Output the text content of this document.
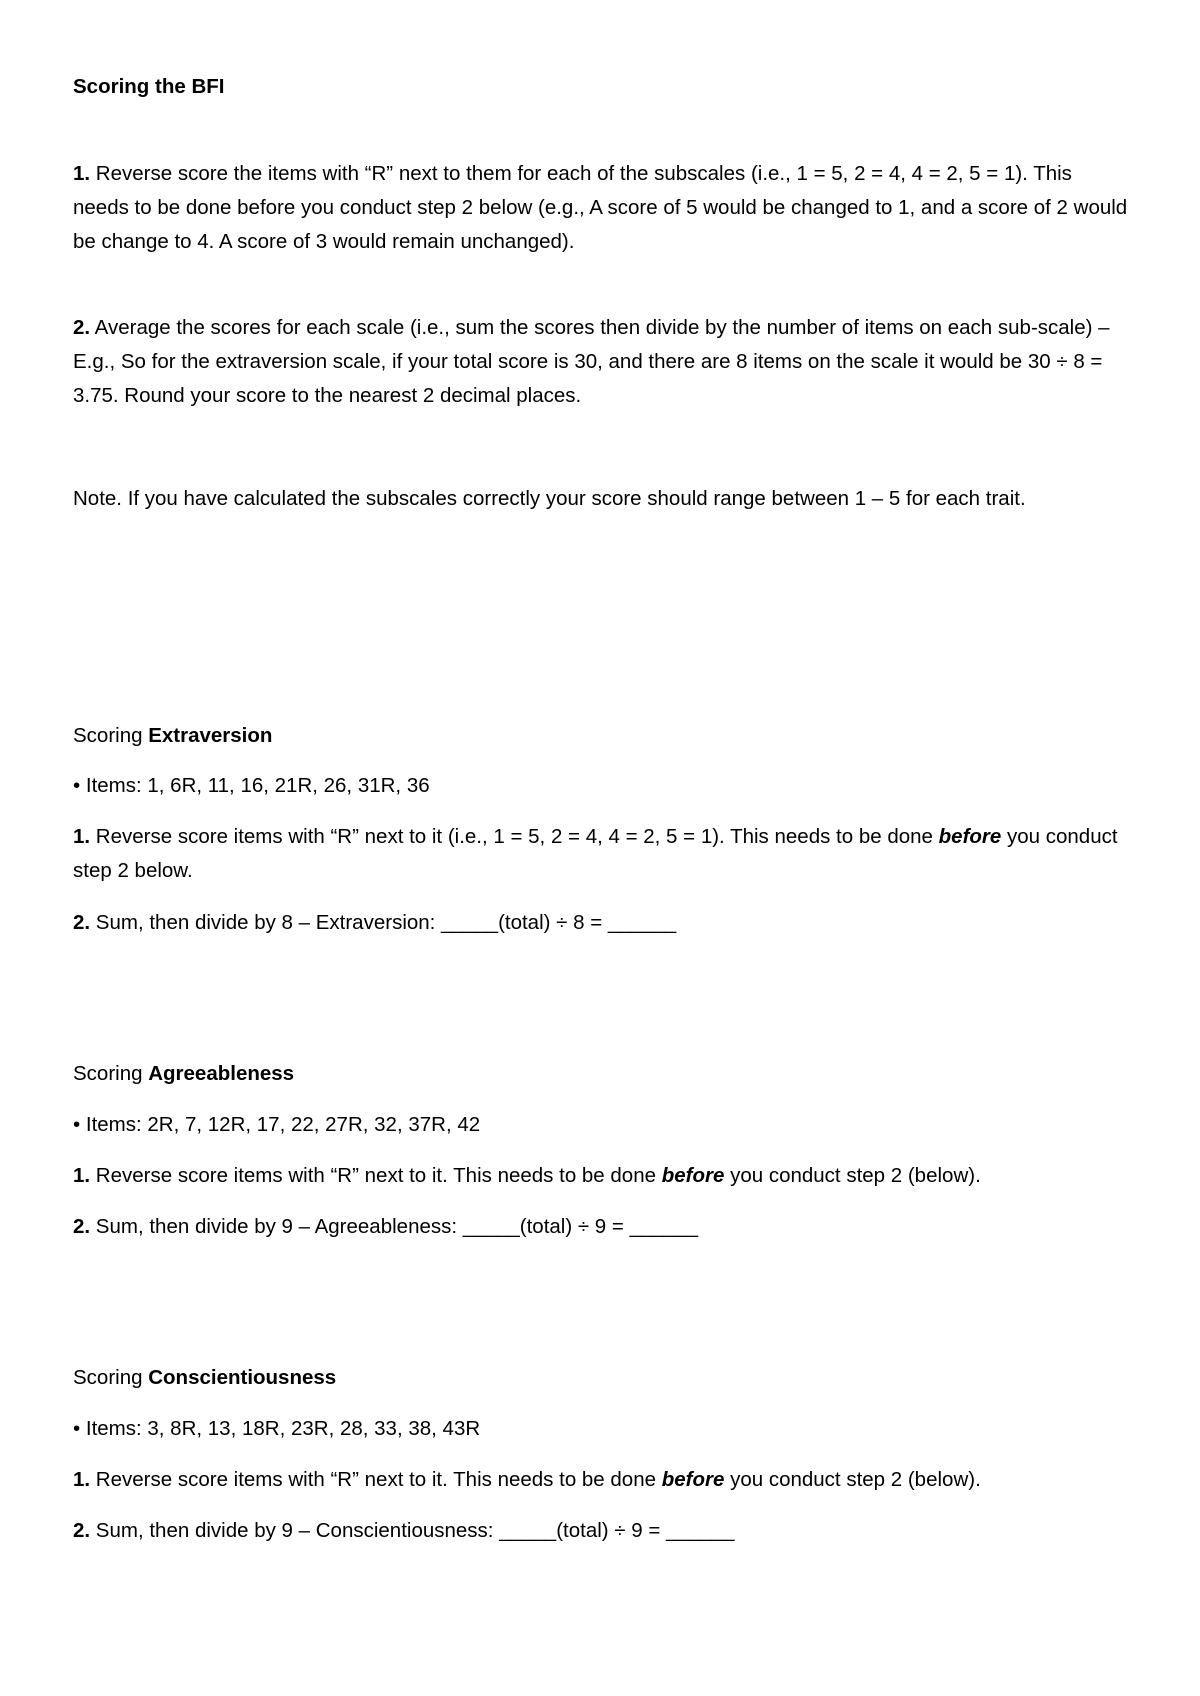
Scoring the BFI

1. Reverse score the items with “R” next to them for each of the subscales (i.e., 1 = 5, 2 = 4, 4 = 2, 5 = 1). This needs to be done before you conduct step 2 below (e.g., A score of 5 would be changed to 1, and a score of 2 would be change to 4. A score of 3 would remain unchanged).

2. Average the scores for each scale (i.e., sum the scores then divide by the number of items on each sub-scale) – E.g., So for the extraversion scale, if your total score is 30, and there are 8 items on the scale it would be 30 ÷ 8 = 3.75. Round your score to the nearest 2 decimal places.

Note. If you have calculated the subscales correctly your score should range between 1 – 5 for each trait.

Scoring Extraversion

• Items: 1, 6R, 11, 16, 21R, 26, 31R, 36

1. Reverse score items with “R” next to it (i.e., 1 = 5, 2 = 4, 4 = 2, 5 = 1). This needs to be done before you conduct step 2 below.

2. Sum, then divide by 8 – Extraversion: _____(total) ÷ 8 = ______

Scoring Agreeableness

• Items: 2R, 7, 12R, 17, 22, 27R, 32, 37R, 42

1. Reverse score items with “R” next to it. This needs to be done before you conduct step 2 (below).

2. Sum, then divide by 9 – Agreeableness: _____(total) ÷ 9 = ______

Scoring Conscientiousness

• Items: 3, 8R, 13, 18R, 23R, 28, 33, 38, 43R

1. Reverse score items with “R” next to it. This needs to be done before you conduct step 2 (below).

2. Sum, then divide by 9 – Conscientiousness: _____(total) ÷ 9 = ______
